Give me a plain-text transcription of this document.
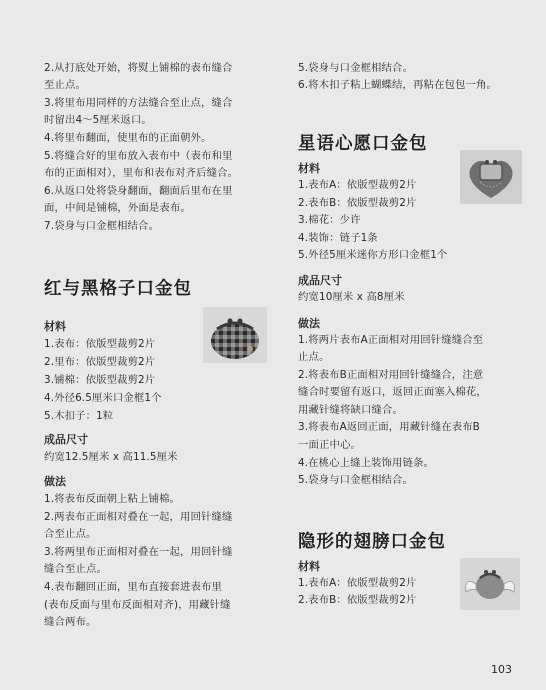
2.从打底处开始，将熨上铺棉的表布缝合
至止点。
3.将里布用同样的方法缝合至止点，缝合
时留出4～5厘米返口。
4.将里布翻面，使里布的正面朝外。
5.将缝合好的里布放入表布中（表布和里
布的正面相对），里布和表布对齐后缝合。
6.从返口处将袋身翻面，翻面后里布在里
面，中间是铺棉，外面是表布。
7.袋身与口金框相结合。
红与黑格子口金包
材料
1.表布：依版型裁剪2片
2.里布：依版型裁剪2片
3.铺棉：依版型裁剪2片
4.外径6.5厘米口金框1个
5.木扣子：1粒
成品尺寸
约宽12.5厘米 x 高11.5厘米
做法
1.将表布反面朝上粘上铺棉。
2.两表布正面相对叠在一起，用回针缝缝
合至止点。
3.将两里布正面相对叠在一起，用回针缝
缝合至止点。
4.表布翻回正面，里布直接套进表布里
(表布反面与里布反面相对齐)，用藏针缝
缝合两布。
5.袋身与口金框相结合。
6.将木扣子粘上蝴蝶结，再粘在包包一角。
星语心愿口金包
材料
1.表布A：依版型裁剪2片
2.表布B：依版型裁剪2片
3.棉花：少许
4.装饰：链子1条
5.外径5厘米迷你方形口金框1个
成品尺寸
约宽10厘米 x 高8厘米
做法
1.将两片表布A正面相对用回针缝缝合至
止点。
2.将表布B正面相对用回针缝缝合，注意
缝合时要留有返口，返回正面塞入棉花，
用藏针缝将缺口缝合。
3.将表布A返回正面，用藏针缝在表布B
一面正中心。
4.在桃心上缝上装饰用链条。
5.袋身与口金框相结合。
隐形的翅膀口金包
材料
1.表布A：依版型裁剪2片
2.表布B：依版型裁剪2片
103
